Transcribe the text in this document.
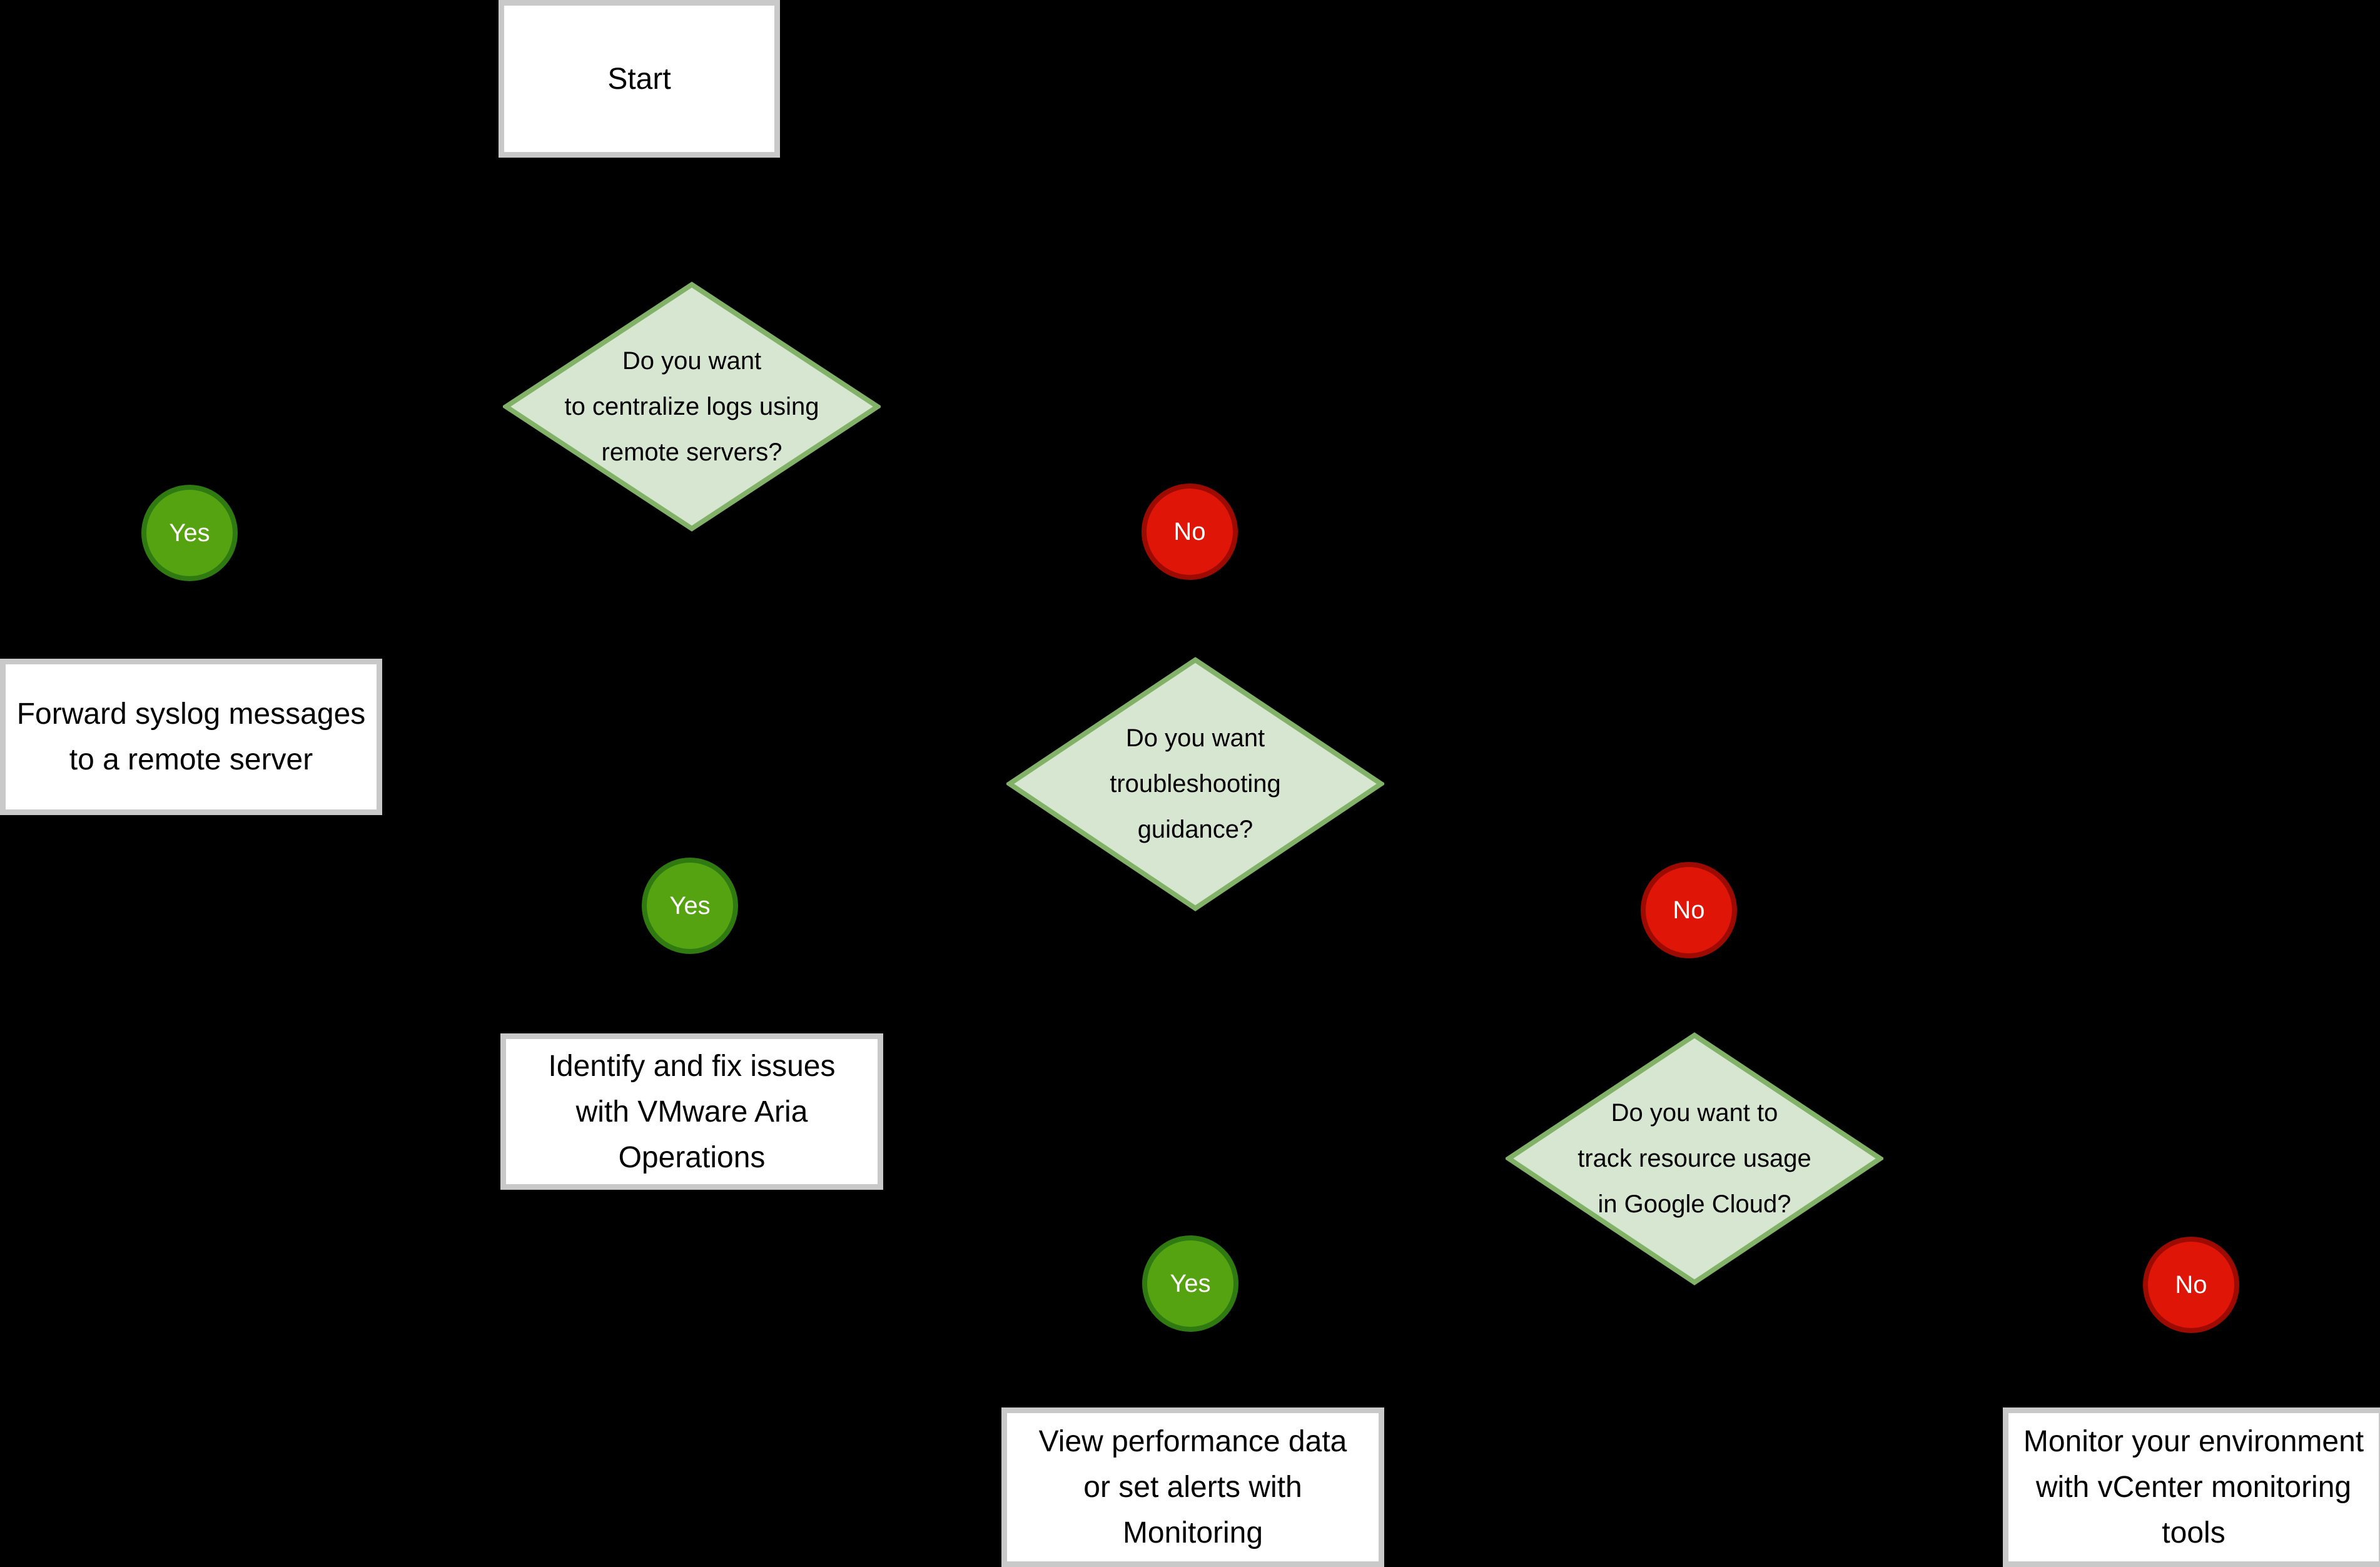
Start
Do you want
to centralize logs using
remote servers?
Yes	No
Forward syslog messages
to a remote server
Do you want
troubleshooting
guidance?
Yes	No
Identify and fix issues
with VMware Aria
Operations
Do you want to
track resource usage
in Google Cloud?
Yes	No
View performance data
or set alerts with
Monitoring
Monitor your environment
with vCenter monitoring
tools
